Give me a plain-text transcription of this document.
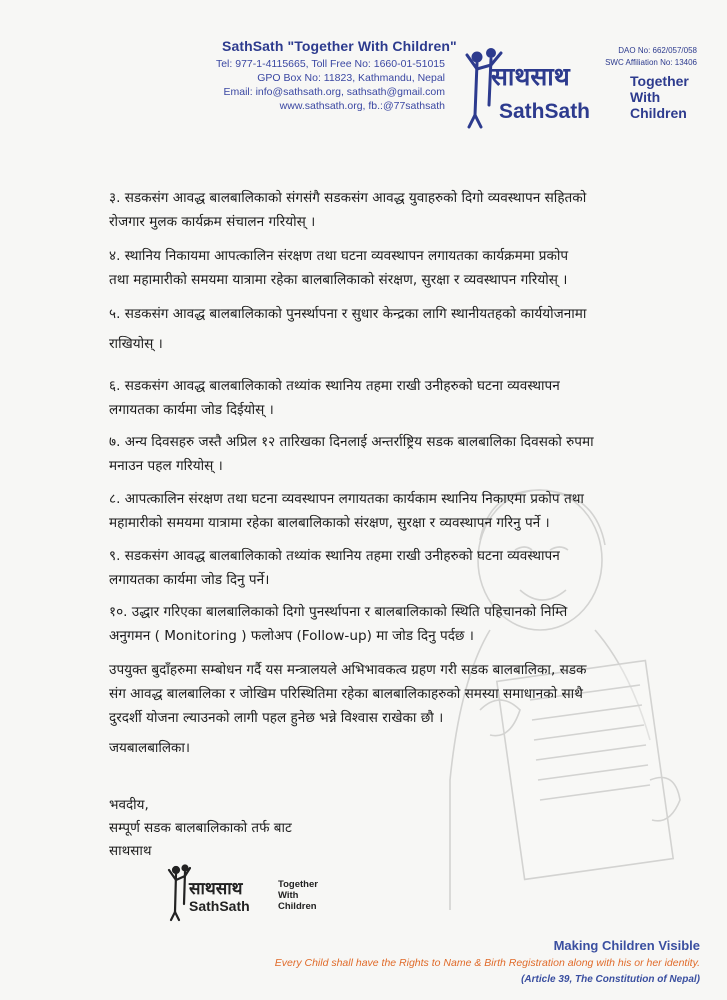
SathSath "Together With Children"
Tel: 977-1-4115665, Toll Free No: 1660-01-51015
GPO Box No: 11823, Kathmandu, Nepal
Email: info@sathsath.org, sathsath@gmail.com
www.sathsath.org, fb.:@77sathsath
DAO No: 662/057/058
SWC Affiliation No: 13406
साथसाथ
SathSath
Together
With
Children
३. सडकसंग आवद्ध बालबालिकाको संगसंगै सडकसंग आवद्ध युवाहरुको दिगो व्यवस्थापन सहितको
रोजगार मुलक कार्यक्रम संचालन गरियोस् ।
४. स्थानिय निकायमा आपत्कालिन संरक्षण तथा घटना व्यवस्थापन लगायतका कार्यक्रममा प्रकोप
तथा महामारीको समयमा यात्रामा रहेका बालबालिकाको संरक्षण, सुरक्षा र व्यवस्थापन गरियोस् ।
५. सडकसंग आवद्ध बालबालिकाको पुनर्स्थापना र सुधार केन्द्रका लागि स्थानीयतहको कार्ययोजनामा
राखियोस् ।
६. सडकसंग आवद्ध बालबालिकाको तथ्यांक स्थानिय तहमा राखी उनीहरुको घटना व्यवस्थापन
लगायतका कार्यमा जोड दिईयोस् ।
७. अन्य दिवसहरु जस्तै अप्रिल १२ तारिखका दिनलाई अन्तर्राष्ट्रिय सडक बालबालिका दिवसको रुपमा
मनाउन पहल गरियोस् ।
८. आपत्कालिन संरक्षण तथा घटना व्यवस्थापन लगायतका कार्यकाम स्थानिय निकाएमा प्रकोप तथा
महामारीको समयमा यात्रामा रहेका बालबालिकाको संरक्षण, सुरक्षा र व्यवस्थापन गरिनु पर्ने ।
९. सडकसंग आवद्ध बालबालिकाको तथ्यांक स्थानिय तहमा राखी उनीहरुको घटना व्यवस्थापन
लगायतका कार्यमा जोड दिनु पर्ने।
१०. उद्धार गरिएका बालबालिकाको दिगो पुनर्स्थापना र बालबालिकाको स्थिति पहिचानको निम्ति
अनुगमन ( Monitoring ) फलोअप (Follow-up) मा जोड दिनु पर्दछ ।
उपयुक्त बुदाँहरुमा सम्बोधन गर्दै यस मन्त्रालयले अभिभावकत्व ग्रहण गरी सडक बालबालिका, सडक
संग आवद्ध बालबालिका र जोखिम परिस्थितिमा रहेका बालबालिकाहरुको समस्या समाधानको साथै
दुरदर्शी योजना ल्याउनको लागी पहल हुनेछ भन्ने विश्वास राखेका छौ ।
जयबालबालिका।
भवदीय,
सम्पूर्ण सडक बालबालिकाको तर्फ बाट
साथसाथ
साथसाथ
SathSath
Together
With
Children
Making Children Visible
Every Child shall have the Rights to Name & Birth Registration along with his or her identity.
(Article 39, The Constitution of Nepal)
